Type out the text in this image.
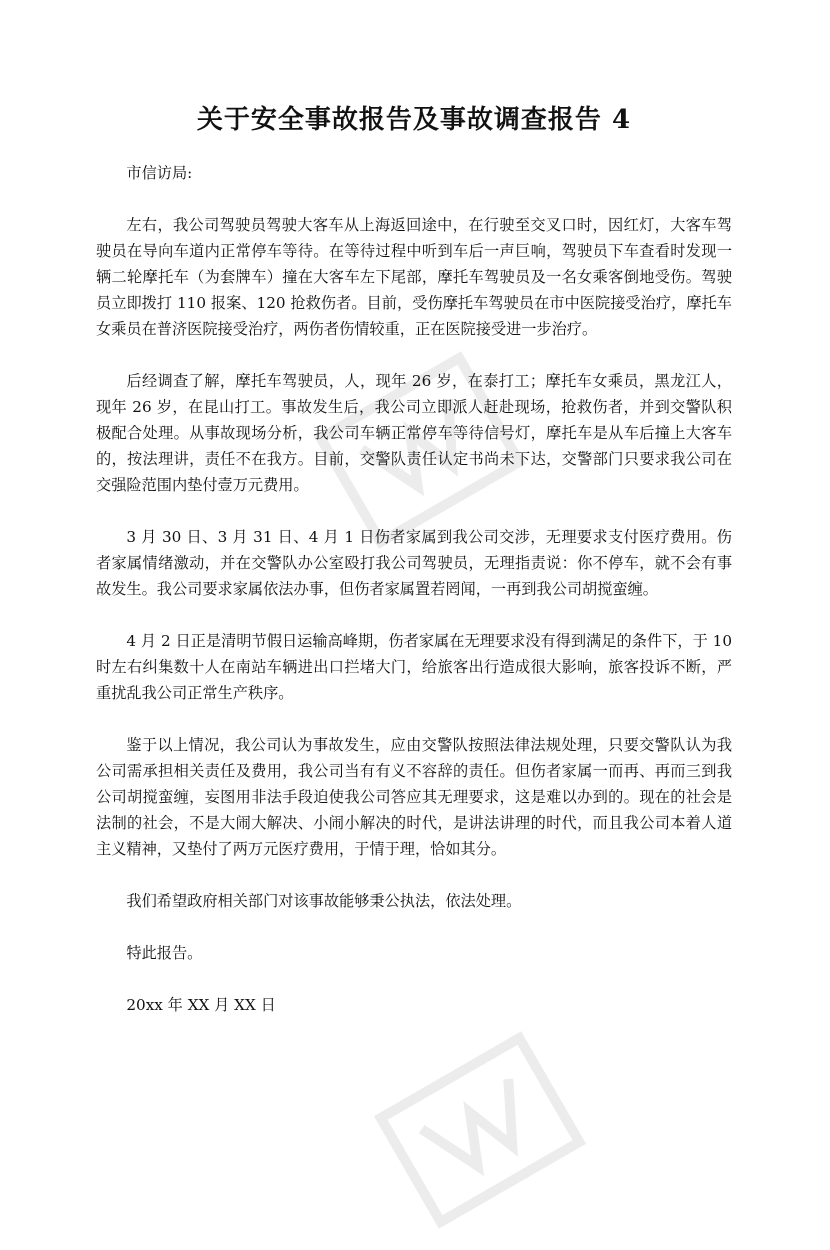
关于安全事故报告及事故调查报告 4

市信访局:

左右，我公司驾驶员驾驶大客车从上海返回途中，在行驶至交叉口时，因红灯，大客车驾驶员在导向车道内正常停车等待。在等待过程中听到车后一声巨响，驾驶员下车查看时发现一辆二轮摩托车（为套牌车）撞在大客车左下尾部，摩托车驾驶员及一名女乘客倒地受伤。驾驶员立即拨打 110 报案、120 抢救伤者。目前，受伤摩托车驾驶员在市中医院接受治疗，摩托车女乘员在普济医院接受治疗，两伤者伤情较重，正在医院接受进一步治疗。

后经调查了解，摩托车驾驶员，人，现年 26 岁，在泰打工；摩托车女乘员，黑龙江人，现年 26 岁，在昆山打工。事故发生后，我公司立即派人赶赴现场，抢救伤者，并到交警队积极配合处理。从事故现场分析，我公司车辆正常停车等待信号灯，摩托车是从车后撞上大客车的，按法理讲，责任不在我方。目前，交警队责任认定书尚未下达，交警部门只要求我公司在交强险范围内垫付壹万元费用。

3 月 30 日、3 月 31 日、4 月 1 日伤者家属到我公司交涉，无理要求支付医疗费用。伤者家属情绪激动，并在交警队办公室殴打我公司驾驶员，无理指责说：你不停车，就不会有事故发生。我公司要求家属依法办事，但伤者家属置若罔闻，一再到我公司胡搅蛮缠。

4 月 2 日正是清明节假日运输高峰期，伤者家属在无理要求没有得到满足的条件下，于 10 时左右纠集数十人在南站车辆进出口拦堵大门，给旅客出行造成很大影响，旅客投诉不断，严重扰乱我公司正常生产秩序。

鉴于以上情况，我公司认为事故发生，应由交警队按照法律法规处理，只要交警队认为我公司需承担相关责任及费用，我公司当有有义不容辞的责任。但伤者家属一而再、再而三到我公司胡搅蛮缠，妄图用非法手段迫使我公司答应其无理要求，这是难以办到的。现在的社会是法制的社会，不是大闹大解决、小闹小解决的时代，是讲法讲理的时代，而且我公司本着人道主义精神，又垫付了两万元医疗费用，于情于理，恰如其分。

我们希望政府相关部门对该事故能够秉公执法，依法处理。

特此报告。

20xx 年 XX 月 XX 日
